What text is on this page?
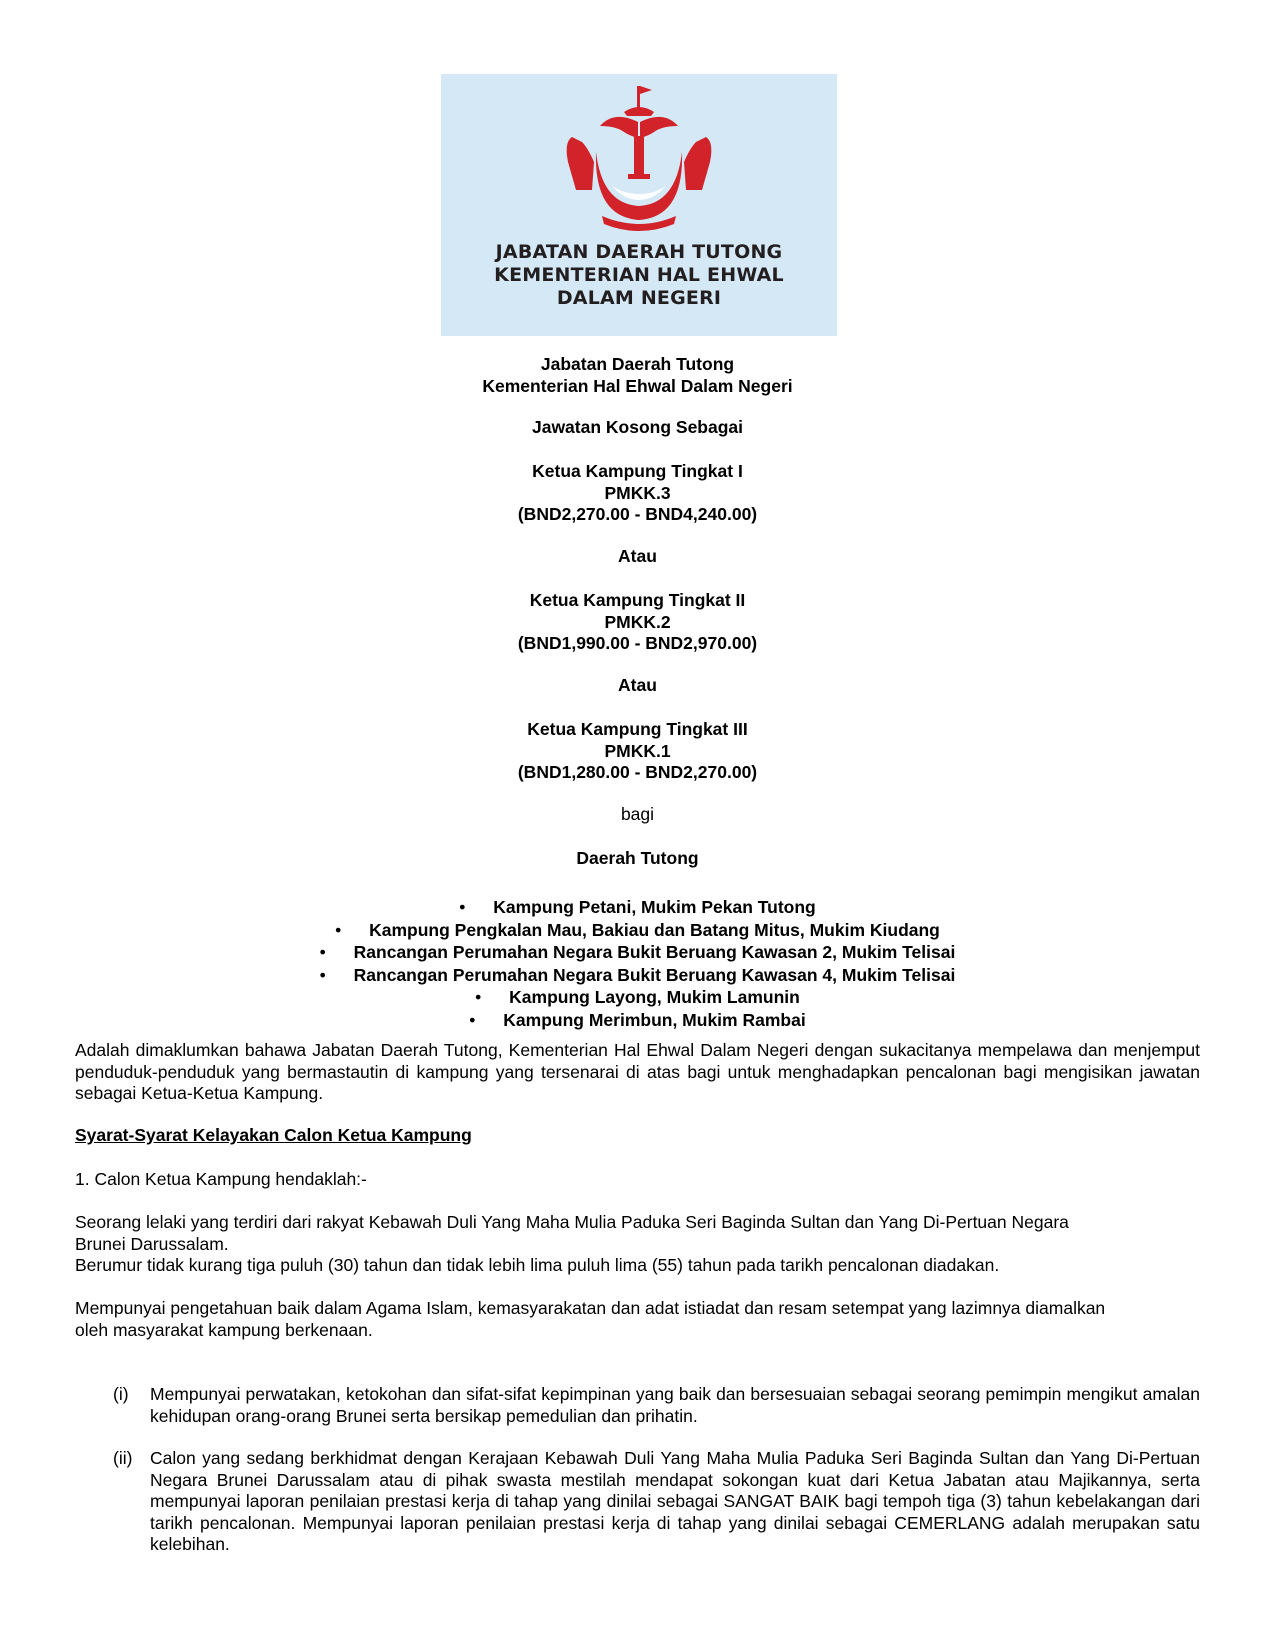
JABATAN DAERAH TUTONG
KEMENTERIAN HAL EHWAL
DALAM NEGERI
Jabatan Daerah Tutong
Kementerian Hal Ehwal Dalam Negeri
Jawatan Kosong Sebagai
Ketua Kampung Tingkat I
PMKK.3
(BND2,270.00 - BND4,240.00)
Atau
Ketua Kampung Tingkat II
PMKK.2
(BND1,990.00 - BND2,970.00)
Atau
Ketua Kampung Tingkat III
PMKK.1
(BND1,280.00 - BND2,270.00)
bagi
Daerah Tutong
• Kampung Petani, Mukim Pekan Tutong
• Kampung Pengkalan Mau, Bakiau dan Batang Mitus, Mukim Kiudang
• Rancangan Perumahan Negara Bukit Beruang Kawasan 2, Mukim Telisai
• Rancangan Perumahan Negara Bukit Beruang Kawasan 4, Mukim Telisai
• Kampung Layong, Mukim Lamunin
• Kampung Merimbun, Mukim Rambai
Adalah dimaklumkan bahawa Jabatan Daerah Tutong, Kementerian Hal Ehwal Dalam Negeri dengan sukacitanya mempelawa dan menjemput penduduk-penduduk yang bermastautin di kampung yang tersenarai di atas bagi untuk menghadapkan pencalonan bagi mengisikan jawatan sebagai Ketua-Ketua Kampung.
Syarat-Syarat Kelayakan Calon Ketua Kampung
1. Calon Ketua Kampung hendaklah:-
Seorang lelaki yang terdiri dari rakyat Kebawah Duli Yang Maha Mulia Paduka Seri Baginda Sultan dan Yang Di-Pertuan Negara
Brunei Darussalam.
Berumur tidak kurang tiga puluh (30) tahun dan tidak lebih lima puluh lima (55) tahun pada tarikh pencalonan diadakan.
Mempunyai pengetahuan baik dalam Agama Islam, kemasyarakatan dan adat istiadat dan resam setempat yang lazimnya diamalkan
oleh masyarakat kampung berkenaan.
(i) Mempunyai perwatakan, ketokohan dan sifat-sifat kepimpinan yang baik dan bersesuaian sebagai seorang pemimpin mengikut amalan kehidupan orang-orang Brunei serta bersikap pemedulian dan prihatin.
(ii) Calon yang sedang berkhidmat dengan Kerajaan Kebawah Duli Yang Maha Mulia Paduka Seri Baginda Sultan dan Yang Di-Pertuan Negara Brunei Darussalam atau di pihak swasta mestilah mendapat sokongan kuat dari Ketua Jabatan atau Majikannya, serta mempunyai laporan penilaian prestasi kerja di tahap yang dinilai sebagai SANGAT BAIK bagi tempoh tiga (3) tahun kebelakangan dari tarikh pencalonan. Mempunyai laporan penilaian prestasi kerja di tahap yang dinilai sebagai CEMERLANG adalah merupakan satu kelebihan.
